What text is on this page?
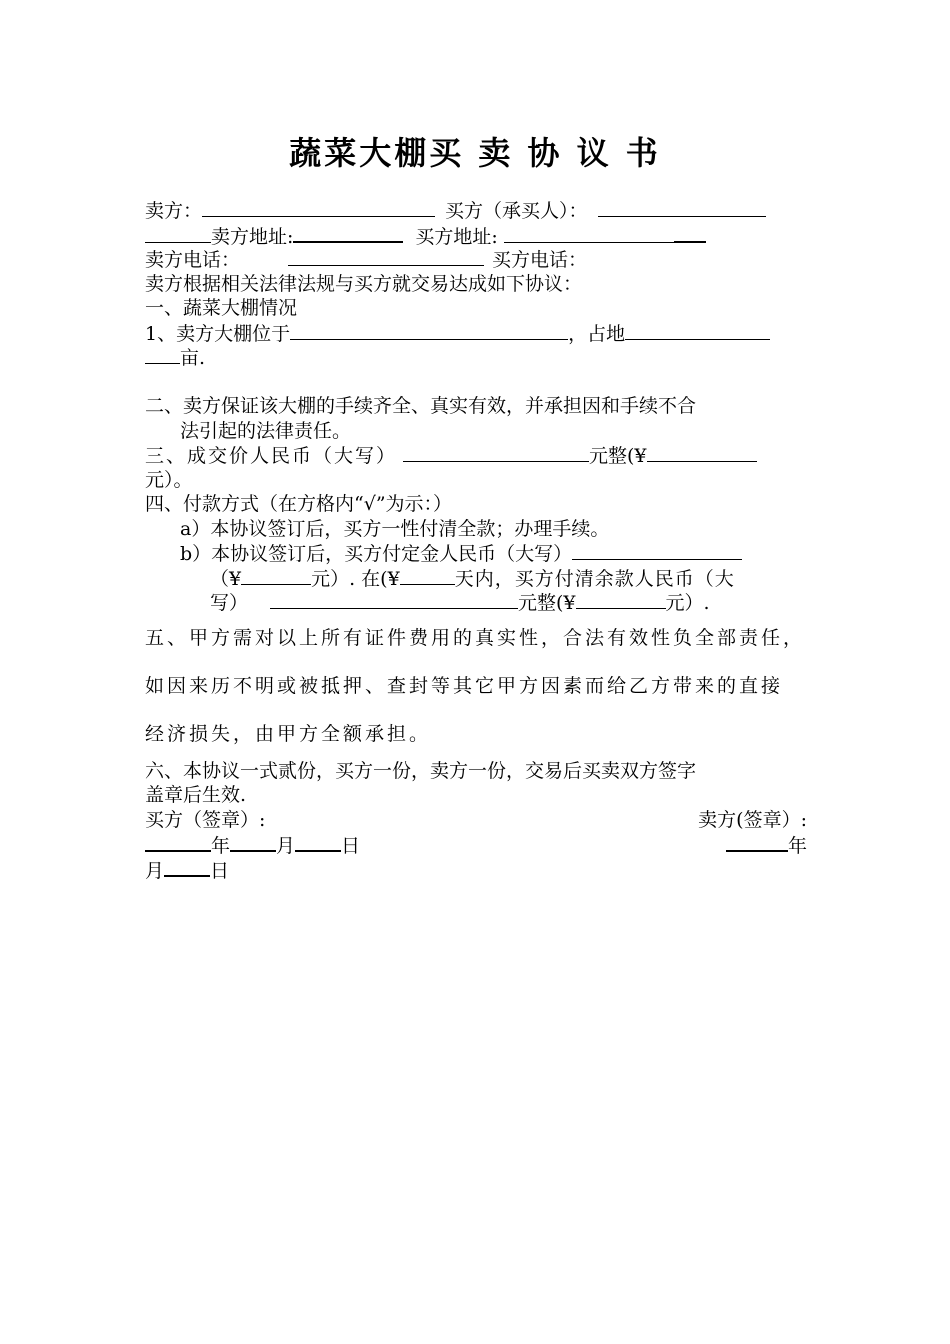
蔬菜大棚买 卖 协 议 书
卖方：	买方（承买人）：
卖方地址:	买方地址:
卖方电话：	买方电话：
卖方根据相关法律法规与买方就交易达成如下协议：
一、蔬菜大棚情况
1、卖方大棚位于	，占地
亩.
二、卖方保证该大棚的手续齐全、真实有效，并承担因和手续不合
法引起的法律责任。
三、成交价人民币（大写）	元整(¥
元）。
四、付款方式（在方格内“√”为示：）
a） 本协议签订后，买方一性付清全款；办理手续。
b） 本协议签订后，买方付定金人民币（大写）
（¥	元）. 在(¥	天内，买方付清余款人民币（大
写）	元整(¥	元）.
五、甲方需对以上所有证件费用的真实性，合法有效性负全部责任，
如因来历不明或被抵押、查封等其它甲方因素而给乙方带来的直接
经济损失，由甲方全额承担。
六、本协议一式贰份，买方一份，卖方一份，交易后买卖双方签字
盖章后生效.
买方（签章）:	卖方(签章）:
年 月 日	年
月 日
